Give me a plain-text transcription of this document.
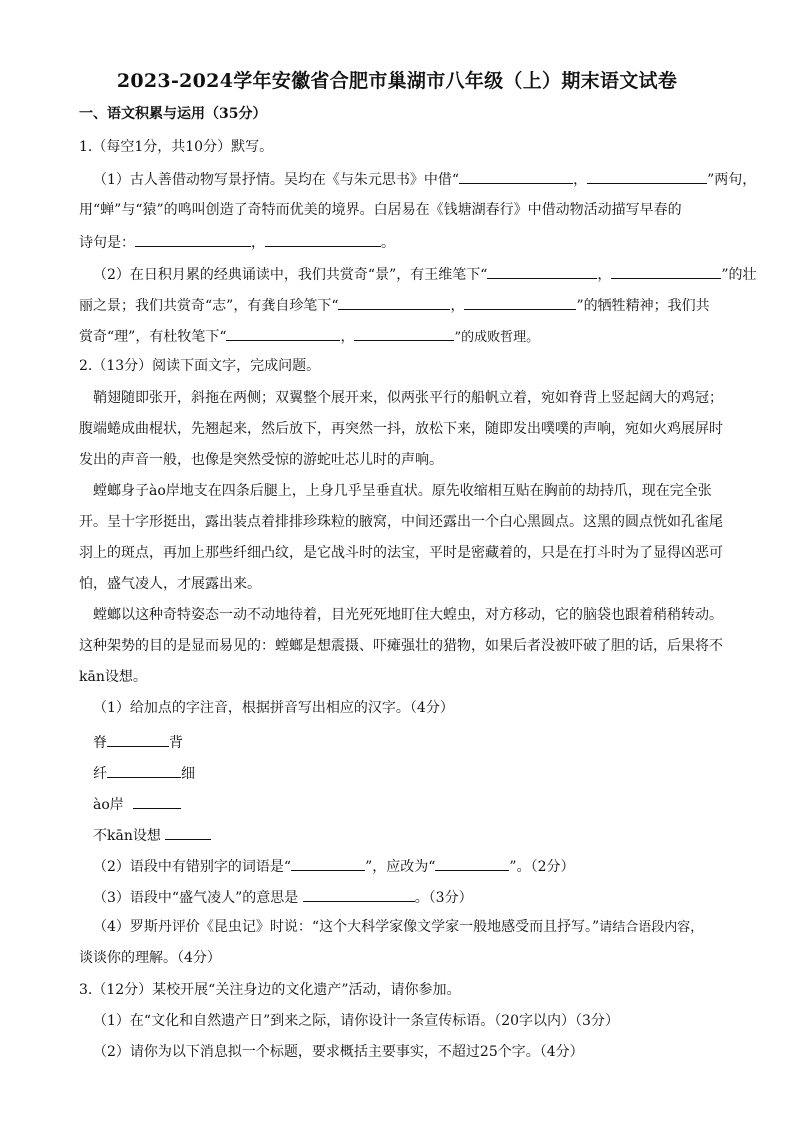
2023-2024学年安徽省合肥市巢湖市八年级（上）期末语文试卷
一、语文积累与运用（35分）
1.（每空1分，共10分）默写。
（1）古人善借动物写景抒情。吴均在《与朱元思书》中借“	，	”两句，
用“蝉”与“猿”的鸣叫创造了奇特而优美的境界。白居易在《钱塘湖春行》中借动物活动描写早春的
诗句是：	，	。
（2）在日积月累的经典诵读中，我们共赏奇“景”，有王维笔下“	，	”的壮
丽之景；我们共赏奇“志”，有龚自珍笔下“	，	”的牺牲精神；我们共
赏奇“理”，有杜牧笔下“	，	”的成败哲理。
2.（13分）阅读下面文字，完成问题。
鞘翅随即张开，斜拖在两侧；双翼整个展开来，似两张平行的船帆立着，宛如脊背上竖起阔大的鸡冠；
腹端蜷成曲棍状，先翘起来，然后放下，再突然一抖，放松下来，随即发出噗噗的声响，宛如火鸡展屏时
发出的声音一般，也像是突然受惊的游蛇吐芯儿时的声响。
螳螂身子ào岸地支在四条后腿上，上身几乎呈垂直状。原先收缩相互贴在胸前的劫持爪，现在完全张
开。呈十字形挺出，露出装点着排排珍珠粒的腋窝，中间还露出一个白心黑圆点。这黑的圆点恍如孔雀尾
羽上的斑点，再加上那些纤细凸纹，是它战斗时的法宝，平时是密藏着的，只是在打斗时为了显得凶恶可
怕，盛气凌人，才展露出来。
螳螂以这种奇特姿态一动不动地待着，目光死死地盯住大蝗虫，对方移动，它的脑袋也跟着稍稍转动。
这种架势的目的是显而易见的：螳螂是想震摄、吓瘫强壮的猎物，如果后者没被吓破了胆的话，后果将不
kān设想。
（1）给加点的字注音，根据拼音写出相应的汉字。（4分）
脊	背
纤	细
ào岸
不kān设想
（2）语段中有错别字的词语是“	”，应改为“	”。（2分）
（3）语段中“盛气凌人”的意思是	。（3分）
（4）罗斯丹评价《昆虫记》时说：“这个大科学家像文学家一般地感受而且抒写。”请结合语段内容，
谈谈你的理解。（4分）
3.（12分）某校开展“关注身边的文化遗产”活动，请你参加。
（1）在“文化和自然遗产日”到来之际，请你设计一条宣传标语。（20字以内）（3分）
（2）请你为以下消息拟一个标题，要求概括主要事实，不超过25个字。（4分）
